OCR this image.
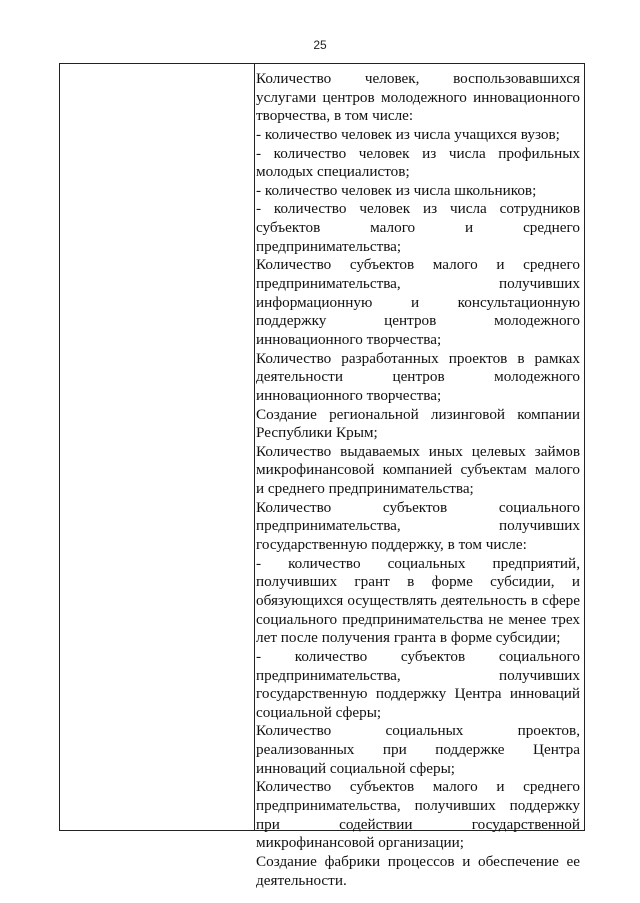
25
Количество человек, воспользовавшихся
услугами центров молодежного инновационного
творчества, в том числе:
- количество человек из числа учащихся вузов;
- количество человек из числа профильных
молодых специалистов;
- количество человек из числа школьников;
- количество человек из числа сотрудников
субъектов малого и среднего
предпринимательства;
Количество субъектов малого и среднего
предпринимательства, получивших
информационную и консультационную
поддержку центров молодежного
инновационного творчества;
Количество разработанных проектов в рамках
деятельности центров молодежного
инновационного творчества;
Создание региональной лизинговой компании
Республики Крым;
Количество выдаваемых иных целевых займов
микрофинансовой компанией субъектам малого
и среднего предпринимательства;
Количество субъектов социального
предпринимательства, получивших
государственную поддержку, в том числе:
- количество социальных предприятий,
получивших грант в форме субсидии, и
обязующихся осуществлять деятельность в сфере
социального предпринимательства не менее трех
лет после получения гранта в форме субсидии;
- количество субъектов социального
предпринимательства, получивших
государственную поддержку Центра инноваций
социальной сферы;
Количество социальных проектов,
реализованных при поддержке Центра
инноваций социальной сферы;
Количество субъектов малого и среднего
предпринимательства, получивших поддержку
при содействии государственной
микрофинансовой организации;
Создание фабрики процессов и обеспечение ее
деятельности.
